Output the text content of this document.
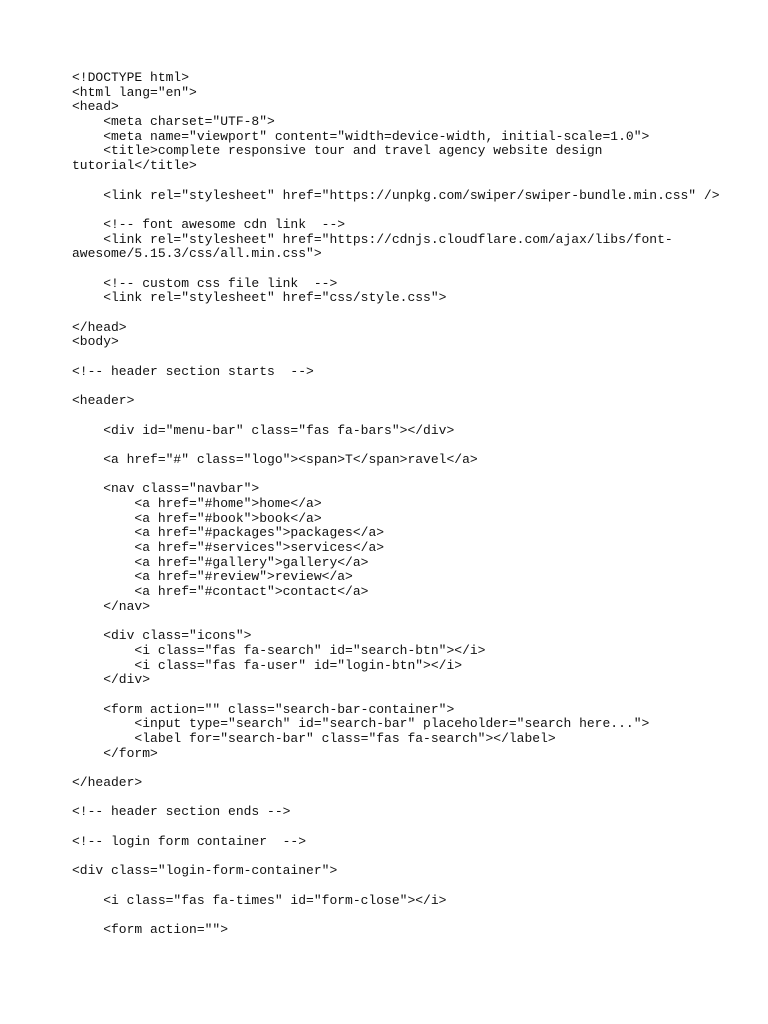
<!DOCTYPE html>
<html lang="en">
<head>
<meta charset="UTF-8">
<meta name="viewport" content="width=device-width, initial-scale=1.0">
<title>complete responsive tour and travel agency website design
tutorial</title>
<link rel="stylesheet" href="https://unpkg.com/swiper/swiper-bundle.min.css" />
<!-- font awesome cdn link  -->
<link rel="stylesheet" href="https://cdnjs.cloudflare.com/ajax/libs/font-
awesome/5.15.3/css/all.min.css">
<!-- custom css file link  -->
<link rel="stylesheet" href="css/style.css">
</head>
<body>
<!-- header section starts  -->
<header>
<div id="menu-bar" class="fas fa-bars"></div>
<a href="#" class="logo"><span>T</span>ravel</a>
<nav class="navbar">
<a href="#home">home</a>
<a href="#book">book</a>
<a href="#packages">packages</a>
<a href="#services">services</a>
<a href="#gallery">gallery</a>
<a href="#review">review</a>
<a href="#contact">contact</a>
</nav>
<div class="icons">
<i class="fas fa-search" id="search-btn"></i>
<i class="fas fa-user" id="login-btn"></i>
</div>
<form action="" class="search-bar-container">
<input type="search" id="search-bar" placeholder="search here...">
<label for="search-bar" class="fas fa-search"></label>
</form>
</header>
<!-- header section ends -->
<!-- login form container  -->
<div class="login-form-container">
<i class="fas fa-times" id="form-close"></i>
<form action="">
